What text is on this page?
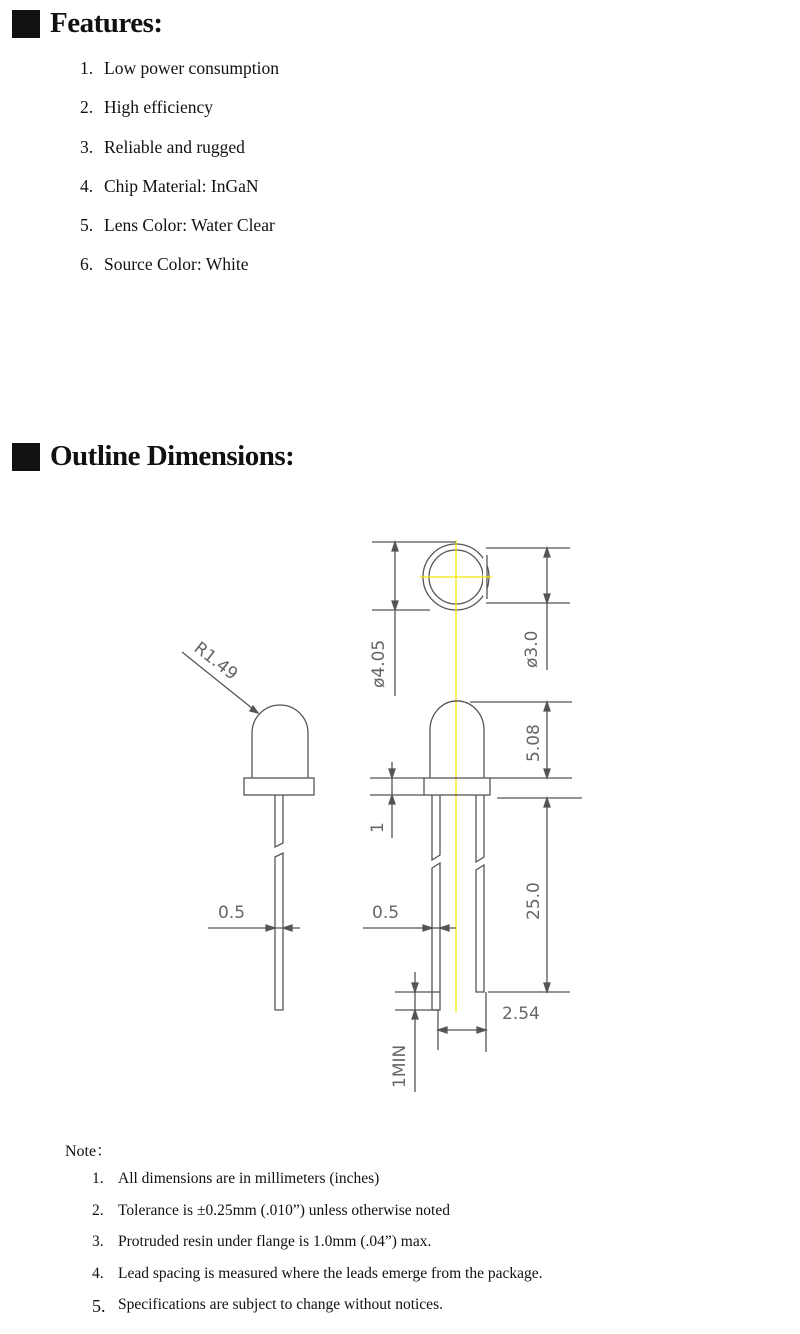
Features:
1. Low power consumption
2. High efficiency
3. Reliable and rugged
4. Chip Material: InGaN
5. Lens Color: Water Clear
6. Source Color: White
Outline Dimensions:
R1.49
0.5
ø4.05	ø3.0
5.08
1
25.0
0.5
2.54
1MIN
Note：
1. All dimensions are in millimeters (inches)
2. Tolerance is ±0.25mm (.010”) unless otherwise noted
3. Protruded resin under flange is 1.0mm (.04”) max.
4. Lead spacing is measured where the leads emerge from the package.
5. Specifications are subject to change without notices.
